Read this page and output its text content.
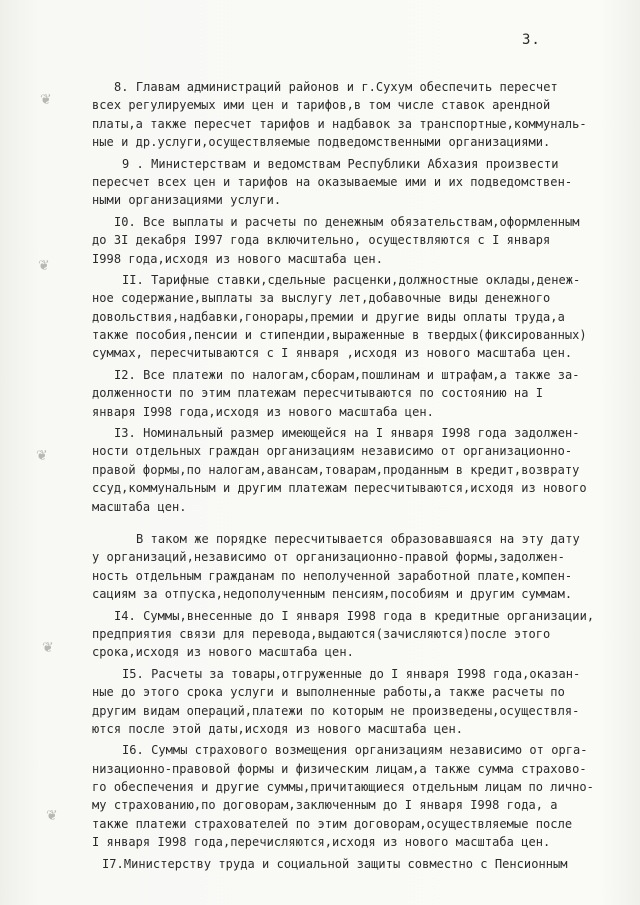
3.
❦
❦
❦
❦
❦
8. Главам администраций районов и г.Сухум обеспечить пересчет
всех регулируемых ими цен и тарифов,в том числе ставок арендной
платы,а также пересчет тарифов и надбавок за транспортные,коммуналь-
ные и др.услуги,осуществляемые подведомственными организациями.
9 . Министерствам и ведомствам Республики Абхазия произвести
пересчет всех цен и тарифов на оказываемые ими и их подведомствен-
ными организациями услуги.
I0. Все выплаты и расчеты по денежным обязательствам,оформленным
до 3I декабря I997 года включительно, осуществляются с I января
I998 года,исходя из нового масштаба цен.
II. Тарифные ставки,сдельные расценки,должностные оклады,денеж-
ное содержание,выплаты за выслугу лет,добавочные виды денежного
довольствия,надбавки,гонорары,премии и другие виды оплаты труда,а
также пособия,пенсии и стипендии,выраженные в твердых(фиксированных)
суммах, пересчитываются с I января ,исходя из нового масштаба цен.
I2. Все платежи по налогам,сборам,пошлинам и штрафам,а также за-
долженности по этим платежам пересчитываются по состоянию на I
января I998 года,исходя из нового масштаба цен.
I3. Номинальный размер имеющейся на I января I998 года задолжен-
ности отдельных граждан организациям независимо от организационно-
правой формы,по налогам,авансам,товарам,проданным в кредит,возврату
ссуд,коммунальным и другим платежам пересчитываются,исходя из нового
масштаба цен.
В таком же порядке пересчитывается образовавшаяся на эту дату
у организаций,независимо от организационно-правой формы,задолжен-
ность отдельным гражданам по неполученной заработной плате,компен-
сациям за отпуска,недополученным пенсиям,пособиям и другим суммам.
I4. Суммы,внесенные до I января I998 года в кредитные организации,
предприятия связи для перевода,выдаются(зачисляются)после этого
срока,исходя из нового масштаба цен.
I5. Расчеты за товары,отгруженные до I января I998 года,оказан-
ные до этого срока услуги и выполненные работы,а также расчеты по
другим видам операций,платежи по которым не произведены,осуществля-
ются после этой даты,исходя из нового масштаба цен.
I6. Суммы страхового возмещения организациям независимо от орга-
низационно-правовой формы и физическим лицам,а также сумма страхово-
го обеспечения и другие суммы,причитающиеся отдельным лицам по лично-
му страхованию,по договорам,заключенным до I января I998 года, а
также платежи страхователей по этим договорам,осуществляемые после
I января I998 года,перечисляются,исходя из нового масштаба цен.
I7.Министерству труда и социальной защиты совместно с Пенсионным
